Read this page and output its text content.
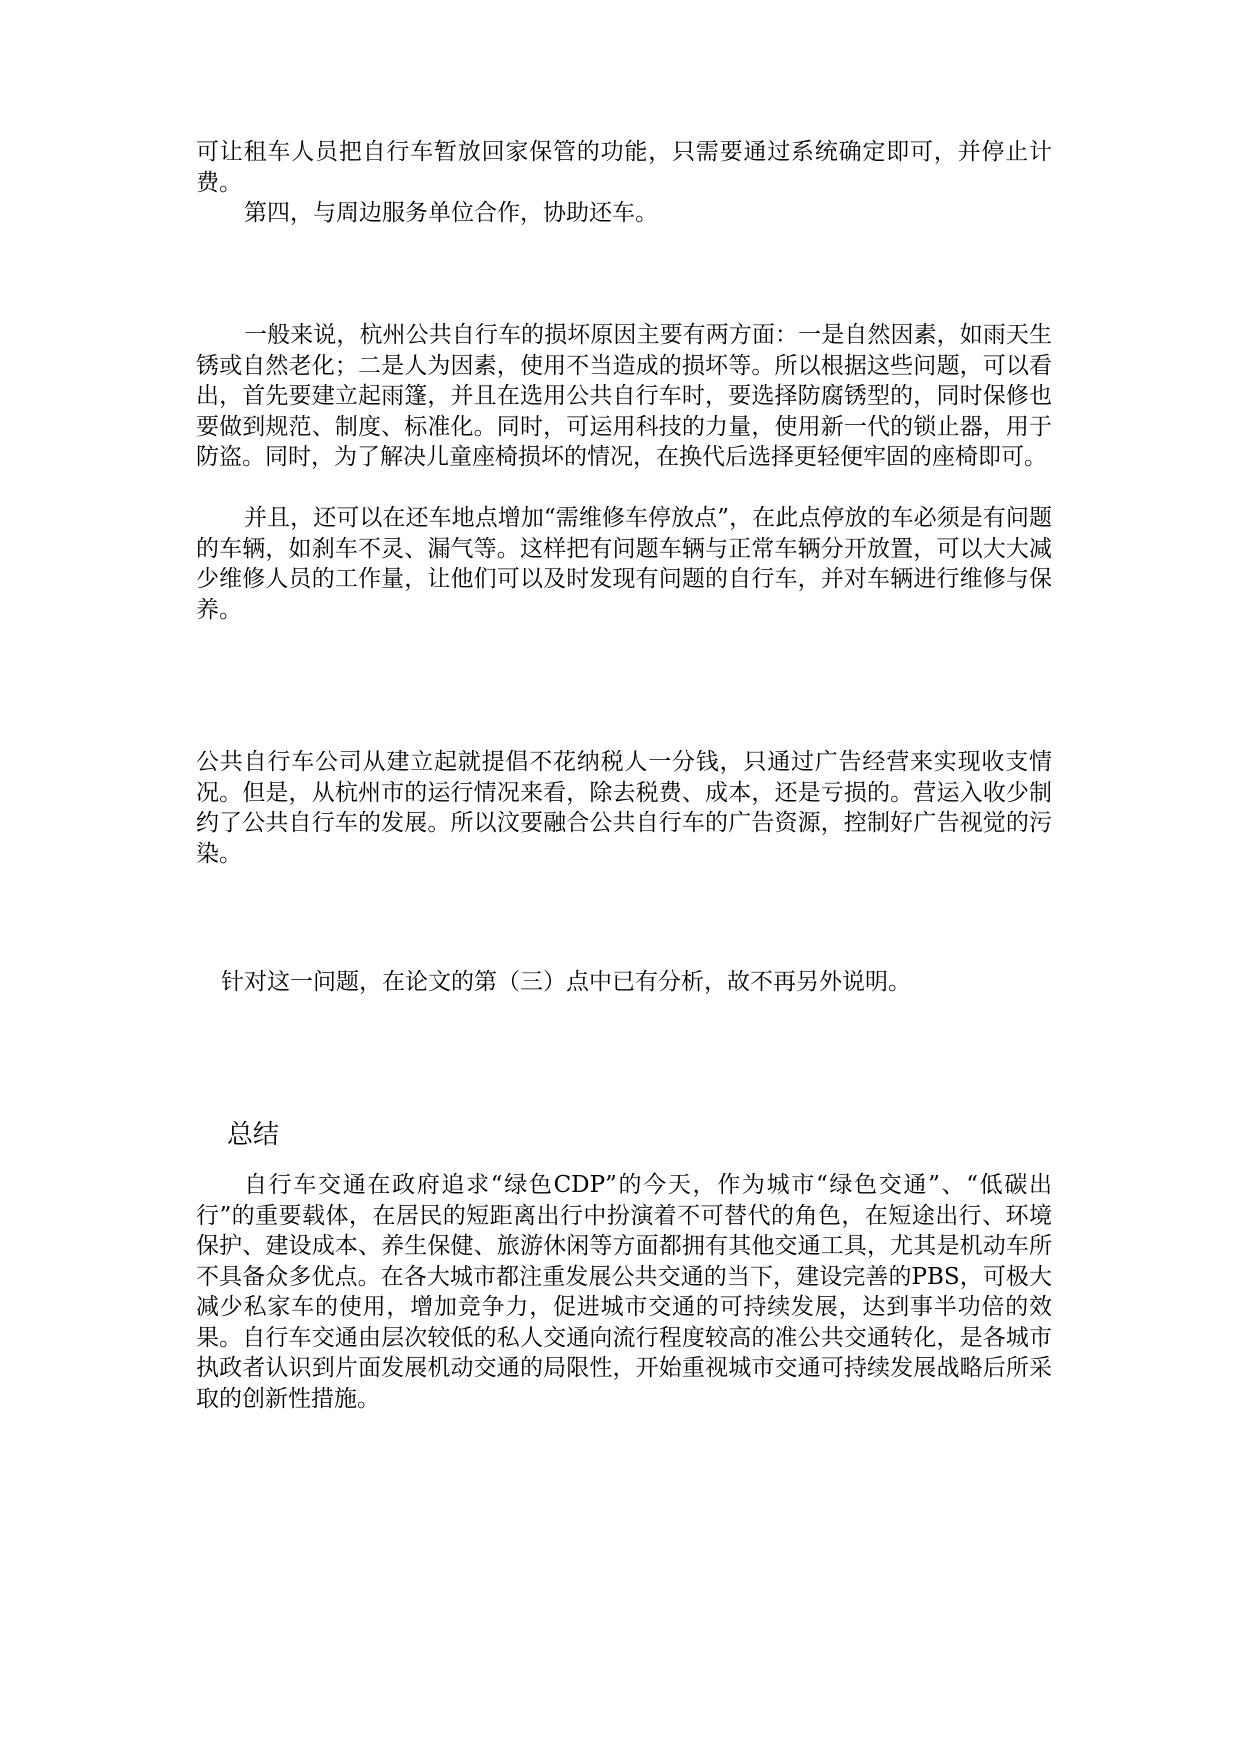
可让租车人员把自行车暂放回家保管的功能，只需要通过系统确定即可，并停止计费。

第四，与周边服务单位合作，协助还车。

一般来说，杭州公共自行车的损坏原因主要有两方面：一是自然因素，如雨天生锈或自然老化；二是人为因素，使用不当造成的损坏等。所以根据这些问题，可以看出，首先要建立起雨篷，并且在选用公共自行车时，要选择防腐锈型的，同时保修也要做到规范、制度、标准化。同时，可运用科技的力量，使用新一代的锁止器，用于防盗。同时，为了解决儿童座椅损坏的情况，在换代后选择更轻便牢固的座椅即可。

并且，还可以在还车地点增加“需维修车停放点”，在此点停放的车必须是有问题的车辆，如刹车不灵、漏气等。这样把有问题车辆与正常车辆分开放置，可以大大减少维修人员的工作量，让他们可以及时发现有问题的自行车，并对车辆进行维修与保养。

公共自行车公司从建立起就提倡不花纳税人一分钱，只通过广告经营来实现收支情况。但是，从杭州市的运行情况来看，除去税费、成本，还是亏损的。营运入收少制约了公共自行车的发展。所以汶要融合公共自行车的广告资源，控制好广告视觉的污染。

针对这一问题，在论文的第（三）点中已有分析，故不再另外说明。

总结

自行车交通在政府追求“绿色CDP”的今天，作为城市“绿色交通”、“低碳出行”的重要载体，在居民的短距离出行中扮演着不可替代的角色，在短途出行、环境保护、建设成本、养生保健、旅游休闲等方面都拥有其他交通工具，尤其是机动车所不具备众多优点。在各大城市都注重发展公共交通的当下，建设完善的PBS，可极大减少私家车的使用，增加竞争力，促进城市交通的可持续发展，达到事半功倍的效果。自行车交通由层次较低的私人交通向流行程度较高的准公共交通转化，是各城市执政者认识到片面发展机动交通的局限性，开始重视城市交通可持续发展战略后所采取的创新性措施。
